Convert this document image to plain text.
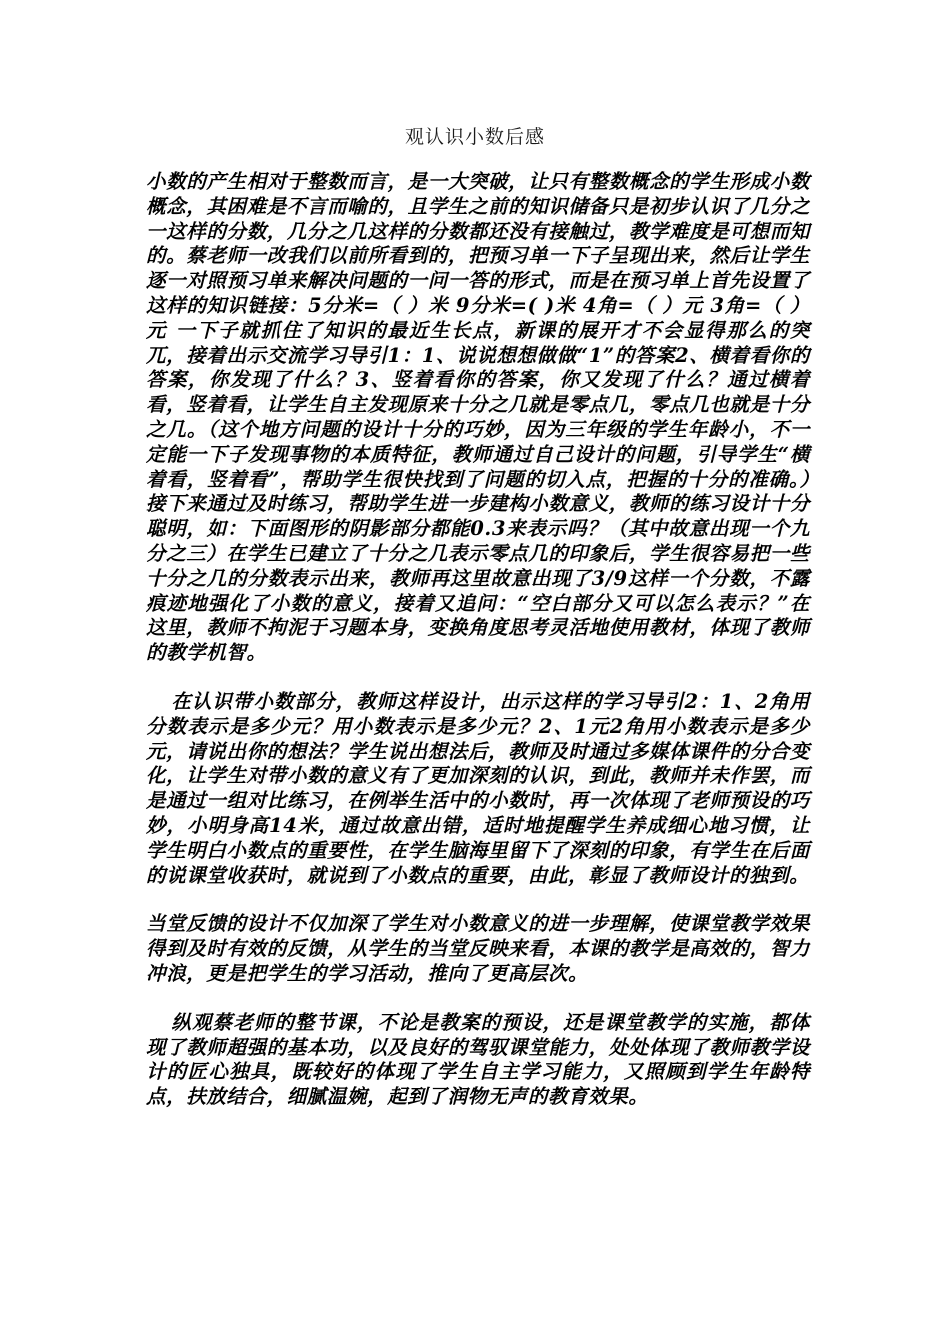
观认识小数后感

小数的产生相对于整数而言，是一大突破，让只有整数概念的学生形成小数概念，其困难是不言而喻的，且学生之前的知识储备只是初步认识了几分之一这样的分数，几分之几这样的分数都还没有接触过，教学难度是可想而知的。蔡老师一改我们以前所看到的，把预习单一下子呈现出来，然后让学生逐一对照预习单来解决问题的一问一答的形式，而是在预习单上首先设置了这样的知识链接：5分米=（ ）米 9分米=( )米 4角=（ ）元 3角=（ ）元 一下子就抓住了知识的最近生长点，新课的展开才不会显得那么的突兀，接着出示交流学习导引1：1、说说想想做做“1”的答案2、横着看你的答案，你发现了什么？3、竖着看你的答案，你又发现了什么？通过横着看，竖着看，让学生自主发现原来十分之几就是零点几，零点几也就是十分之几。（这个地方问题的设计十分的巧妙，因为三年级的学生年龄小，不一定能一下子发现事物的本质特征，教师通过自己设计的问题，引导学生“横着看，竖着看”，帮助学生很快找到了问题的切入点，把握的十分的准确。）接下来通过及时练习，帮助学生进一步建构小数意义，教师的练习设计十分聪明，如：下面图形的阴影部分都能0.3来表示吗？（其中故意出现一个九分之三）在学生已建立了十分之几表示零点几的印象后，学生很容易把一些十分之几的分数表示出来，教师再这里故意出现了3/9这样一个分数，不露痕迹地强化了小数的意义，接着又追问：“空白部分又可以怎么表示？”在这里，教师不拘泥于习题本身，变换角度思考灵活地使用教材，体现了教师的教学机智。

在认识带小数部分，教师这样设计，出示这样的学习导引2：1、2角用分数表示是多少元？用小数表示是多少元？2、1元2角用小数表示是多少元，请说出你的想法？学生说出想法后，教师及时通过多媒体课件的分合变化，让学生对带小数的意义有了更加深刻的认识，到此，教师并未作罢，而是通过一组对比练习，在例举生活中的小数时，再一次体现了老师预设的巧妙，小明身高14米，通过故意出错，适时地提醒学生养成细心地习惯，让学生明白小数点的重要性，在学生脑海里留下了深刻的印象，有学生在后面的说课堂收获时，就说到了小数点的重要，由此，彰显了教师设计的独到。

当堂反馈的设计不仅加深了学生对小数意义的进一步理解，使课堂教学效果得到及时有效的反馈，从学生的当堂反映来看，本课的教学是高效的，智力冲浪，更是把学生的学习活动，推向了更高层次。

纵观蔡老师的整节课，不论是教案的预设，还是课堂教学的实施，都体现了教师超强的基本功，以及良好的驾驭课堂能力，处处体现了教师教学设计的匠心独具，既较好的体现了学生自主学习能力，又照顾到学生年龄特点，扶放结合，细腻温婉，起到了润物无声的教育效果。
